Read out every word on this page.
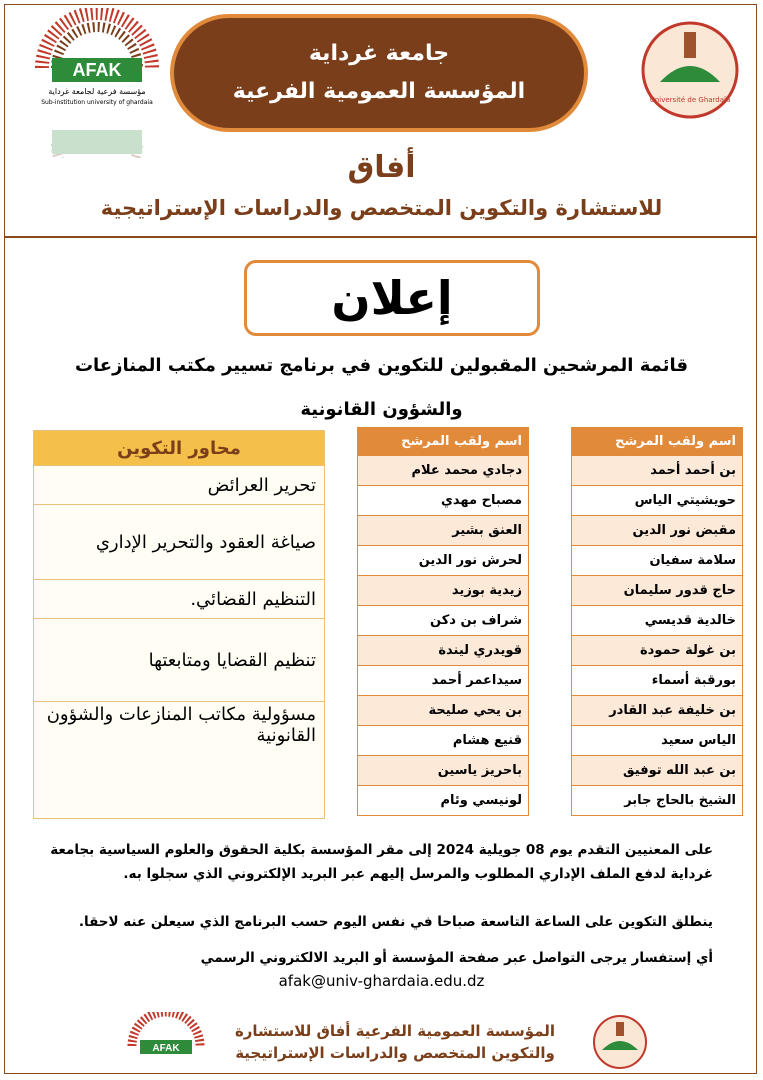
AFAK
مؤسسة فرعية لجامعة غرداية
Sub-institution university of ghardaia
جامعة غرداية
المؤسسة العمومية الفرعية	Université de Ghardaïa
أفاق
للاستشارة والتكوين المتخصص والدراسات الإستراتيجية
إعلان
قائمة المرشحين المقبولين للتكوين في برنامج تسيير مكتب المنازعات
والشؤون القانونية
اسم ولقب المرشح
بن أحمد أحمد
حويشيتي الياس
مقبض نور الدين
سلامة سفيان
حاج قدور سليمان
خالدية قديسي
بن غولة حمودة
بورقبة أسماء
بن خليفة عبد القادر
الياس سعيد
بن عبد الله توفيق
الشيخ بالحاج جابر
اسم ولقب المرشح
دجادي محمد علام
مصباح مهدي
العنق بشير
لحرش نور الدين
زيدية بوزيد
شراف بن دكن
قويدري ليندة
سيداعمر أحمد
بن يحي صليحة
قنيع هشام
باحريز ياسين
لونيسي وئام
محاور التكوين
تحرير العرائض
صياغة العقود والتحرير الإداري
التنظيم القضائي.
تنظيم القضايا ومتابعتها
مسؤولية مكاتب المنازعات والشؤون القانونية
على المعنيين التقدم يوم 08 جويلية 2024 إلى مقر المؤسسة بكلية الحقوق والعلوم السياسية بجامعة غرداية لدفع الملف الإداري المطلوب والمرسل إليهم عبر البريد الإلكتروني الذي سجلوا به.
ينطلق التكوين على الساعة التاسعة صباحا في نفس اليوم حسب البرنامج الذي سيعلن عنه لاحقا.
أي إستفسار يرجى التواصل عبر صفحة المؤسسة أو البريد الالكتروني الرسمي
afak@univ-ghardaia.edu.dz
AFAK
المؤسسة العمومية الفرعية أفاق للاستشارة
والتكوين المتخصص والدراسات الإستراتيجية
